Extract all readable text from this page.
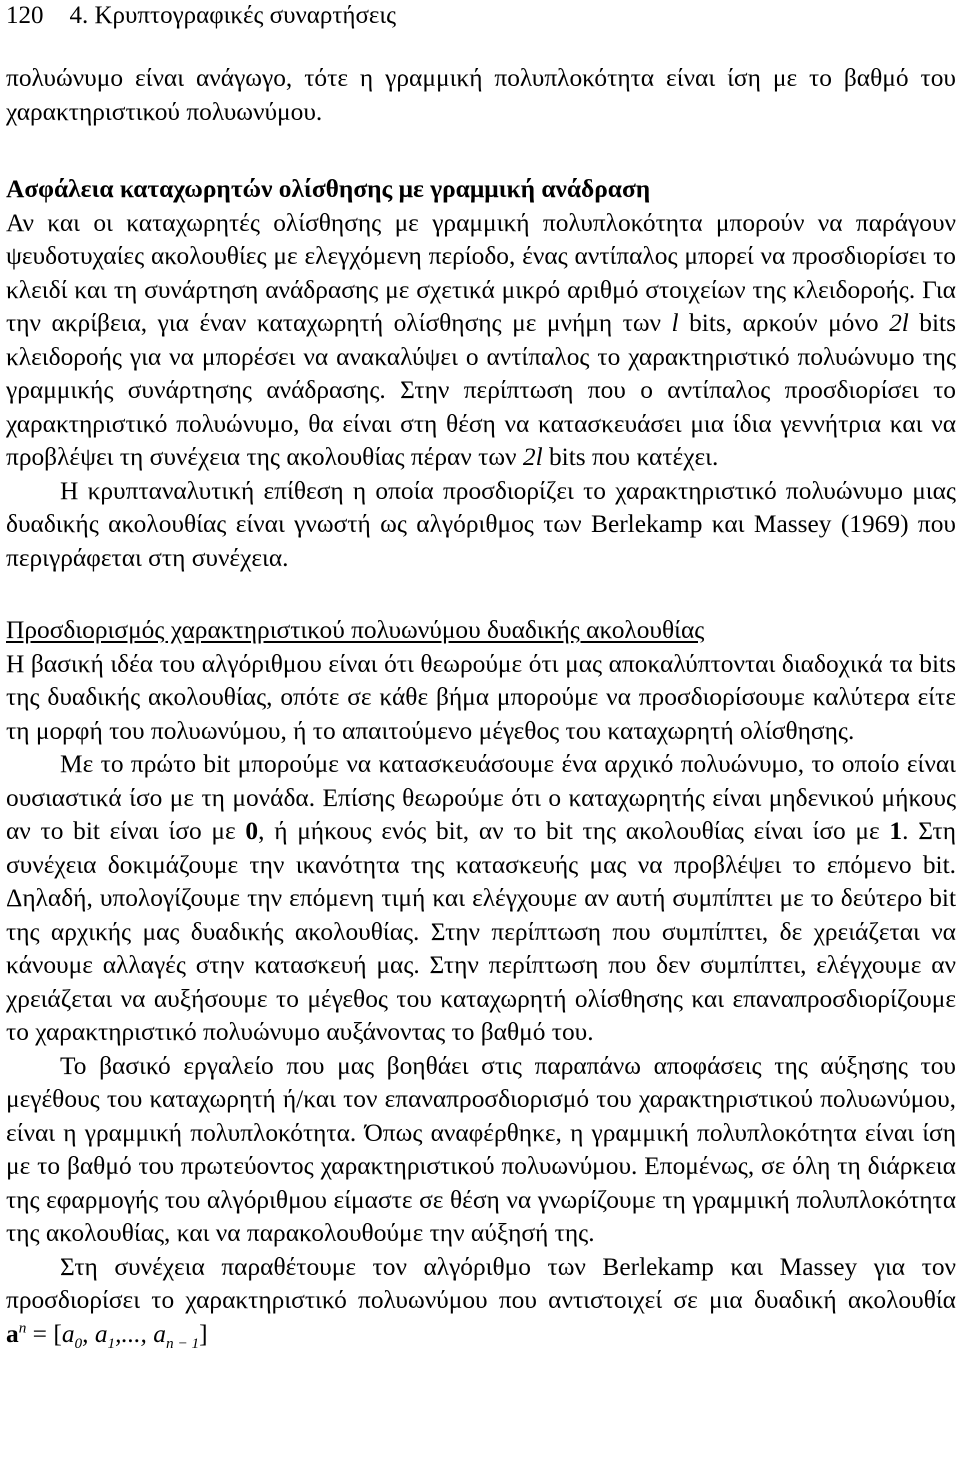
120 4. Κρυπτογραφικές συναρτήσεις

πολυώνυμο είναι ανάγωγο, τότε η γραμμική πολυπλοκότητα είναι ίση με το βαθμό του χαρακτηριστικού πολυωνύμου.

Ασφάλεια καταχωρητών ολίσθησης με γραμμική ανάδραση

Αν και οι καταχωρητές ολίσθησης με γραμμική πολυπλοκότητα μπορούν να παράγουν ψευδοτυχαίες ακολουθίες με ελεγχόμενη περίοδο, ένας αντίπαλος μπορεί να προσδιορίσει το κλειδί και τη συνάρτηση ανάδρασης με σχετικά μικρό αριθμό στοιχείων της κλειδοροής. Για την ακρίβεια, για έναν καταχωρητή ολίσθησης με μνήμη των l bits, αρκούν μόνο 2l bits κλειδοροής για να μπορέσει να ανακαλύψει ο αντίπαλος το χαρακτηριστικό πολυώνυμο της γραμμικής συνάρτησης ανάδρασης. Στην περίπτωση που ο αντίπαλος προσδιορίσει το χαρακτηριστικό πολυώνυμο, θα είναι στη θέση να κατασκευάσει μια ίδια γεννήτρια και να προβλέψει τη συνέχεια της ακολουθίας πέραν των 2l bits που κατέχει.

Η κρυπταναλυτική επίθεση η οποία προσδιορίζει το χαρακτηριστικό πολυώνυμο μιας δυαδικής ακολουθίας είναι γνωστή ως αλγόριθμος των Berlekamp και Massey (1969) που περιγράφεται στη συνέχεια.

Προσδιορισμός χαρακτηριστικού πολυωνύμου δυαδικής ακολουθίας

Η βασική ιδέα του αλγόριθμου είναι ότι θεωρούμε ότι μας αποκαλύπτονται διαδοχικά τα bits της δυαδικής ακολουθίας, οπότε σε κάθε βήμα μπορούμε να προσδιορίσουμε καλύτερα είτε τη μορφή του πολυωνύμου, ή το απαιτούμενο μέγεθος του καταχωρητή ολίσθησης.

Με το πρώτο bit μπορούμε να κατασκευάσουμε ένα αρχικό πολυώνυμο, το οποίο είναι ουσιαστικά ίσο με τη μονάδα. Επίσης θεωρούμε ότι ο καταχωρητής είναι μηδενικού μήκους αν το bit είναι ίσο με 0, ή μήκους ενός bit, αν το bit της ακολουθίας είναι ίσο με 1. Στη συνέχεια δοκιμάζουμε την ικανότητα της κατασκευής μας να προβλέψει το επόμενο bit. Δηλαδή, υπολογίζουμε την επόμενη τιμή και ελέγχουμε αν αυτή συμπίπτει με το δεύτερο bit της αρχικής μας δυαδικής ακολουθίας. Στην περίπτωση που συμπίπτει, δε χρειάζεται να κάνουμε αλλαγές στην κατασκευή μας. Στην περίπτωση που δεν συμπίπτει, ελέγχουμε αν χρειάζεται να αυξήσουμε το μέγεθος του καταχωρητή ολίσθησης και επαναπροσδιορίζουμε το χαρακτηριστικό πολυώνυμο αυξάνοντας το βαθμό του.

Το βασικό εργαλείο που μας βοηθάει στις παραπάνω αποφάσεις της αύξησης του μεγέθους του καταχωρητή ή/και τον επαναπροσδιορισμό του χαρακτηριστικού πολυωνύμου, είναι η γραμμική πολυπλοκότητα. Όπως αναφέρθηκε, η γραμμική πολυπλοκότητα είναι ίση με το βαθμό του πρωτεύοντος χαρακτηριστικού πολυωνύμου. Επομένως, σε όλη τη διάρκεια της εφαρμογής του αλγόριθμου είμαστε σε θέση να γνωρίζουμε τη γραμμική πολυπλοκότητα της ακολουθίας, και να παρακολουθούμε την αύξησή της.

Στη συνέχεια παραθέτουμε τον αλγόριθμο των Berlekamp και Massey για τον προσδιορίσει το χαρακτηριστικό πολυωνύμου που αντιστοιχεί σε μια δυαδική ακολουθία $a^n = [a_0$, $a_1$,..., $a_{n - 1}$]
